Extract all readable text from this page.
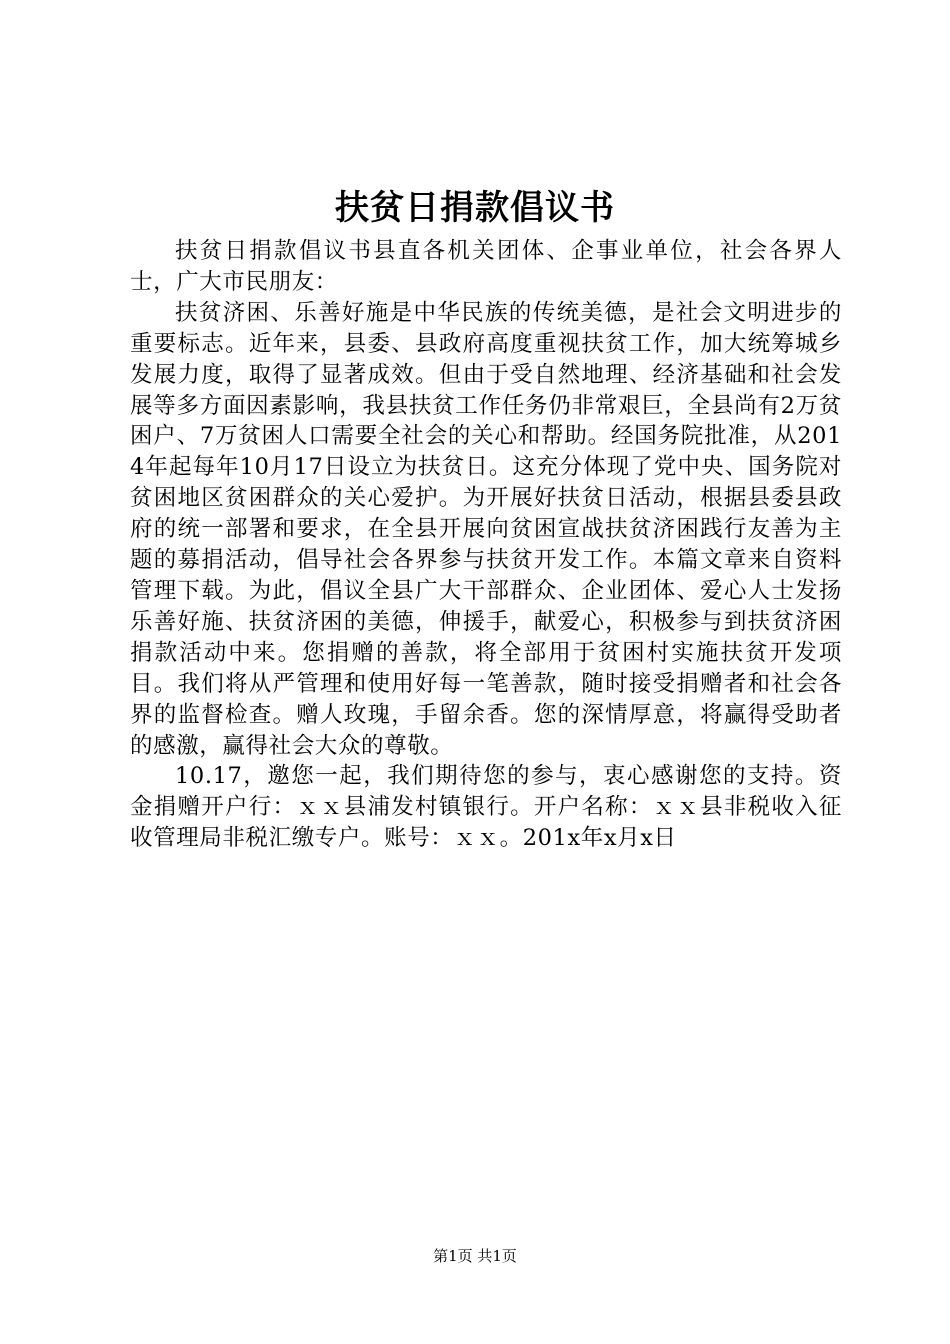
扶贫日捐款倡议书

扶贫日捐款倡议书县直各机关团体、企事业单位，社会各界人士，广大市民朋友：

扶贫济困、乐善好施是中华民族的传统美德，是社会文明进步的重要标志。近年来，县委、县政府高度重视扶贫工作，加大统筹城乡发展力度，取得了显著成效。但由于受自然地理、经济基础和社会发展等多方面因素影响，我县扶贫工作任务仍非常艰巨，全县尚有2万贫困户、7万贫困人口需要全社会的关心和帮助。经国务院批准，从2014年起每年10月17日设立为扶贫日。这充分体现了党中央、国务院对贫困地区贫困群众的关心爱护。为开展好扶贫日活动，根据县委县政府的统一部署和要求，在全县开展向贫困宣战扶贫济困践行友善为主题的募捐活动，倡导社会各界参与扶贫开发工作。本篇文章来自资料管理下载。为此，倡议全县广大干部群众、企业团体、爱心人士发扬乐善好施、扶贫济困的美德，伸援手，献爱心，积极参与到扶贫济困捐款活动中来。您捐赠的善款，将全部用于贫困村实施扶贫开发项目。我们将从严管理和使用好每一笔善款，随时接受捐赠者和社会各界的监督检查。赠人玫瑰，手留余香。您的深情厚意，将赢得受助者的感激，赢得社会大众的尊敬。

10.17，邀您一起，我们期待您的参与，衷心感谢您的支持。资金捐赠开户行：ｘｘ县浦发村镇银行。开户名称：ｘｘ县非税收入征收管理局非税汇缴专户。账号：ｘｘ。201x年x月x日

第1页 共1页
